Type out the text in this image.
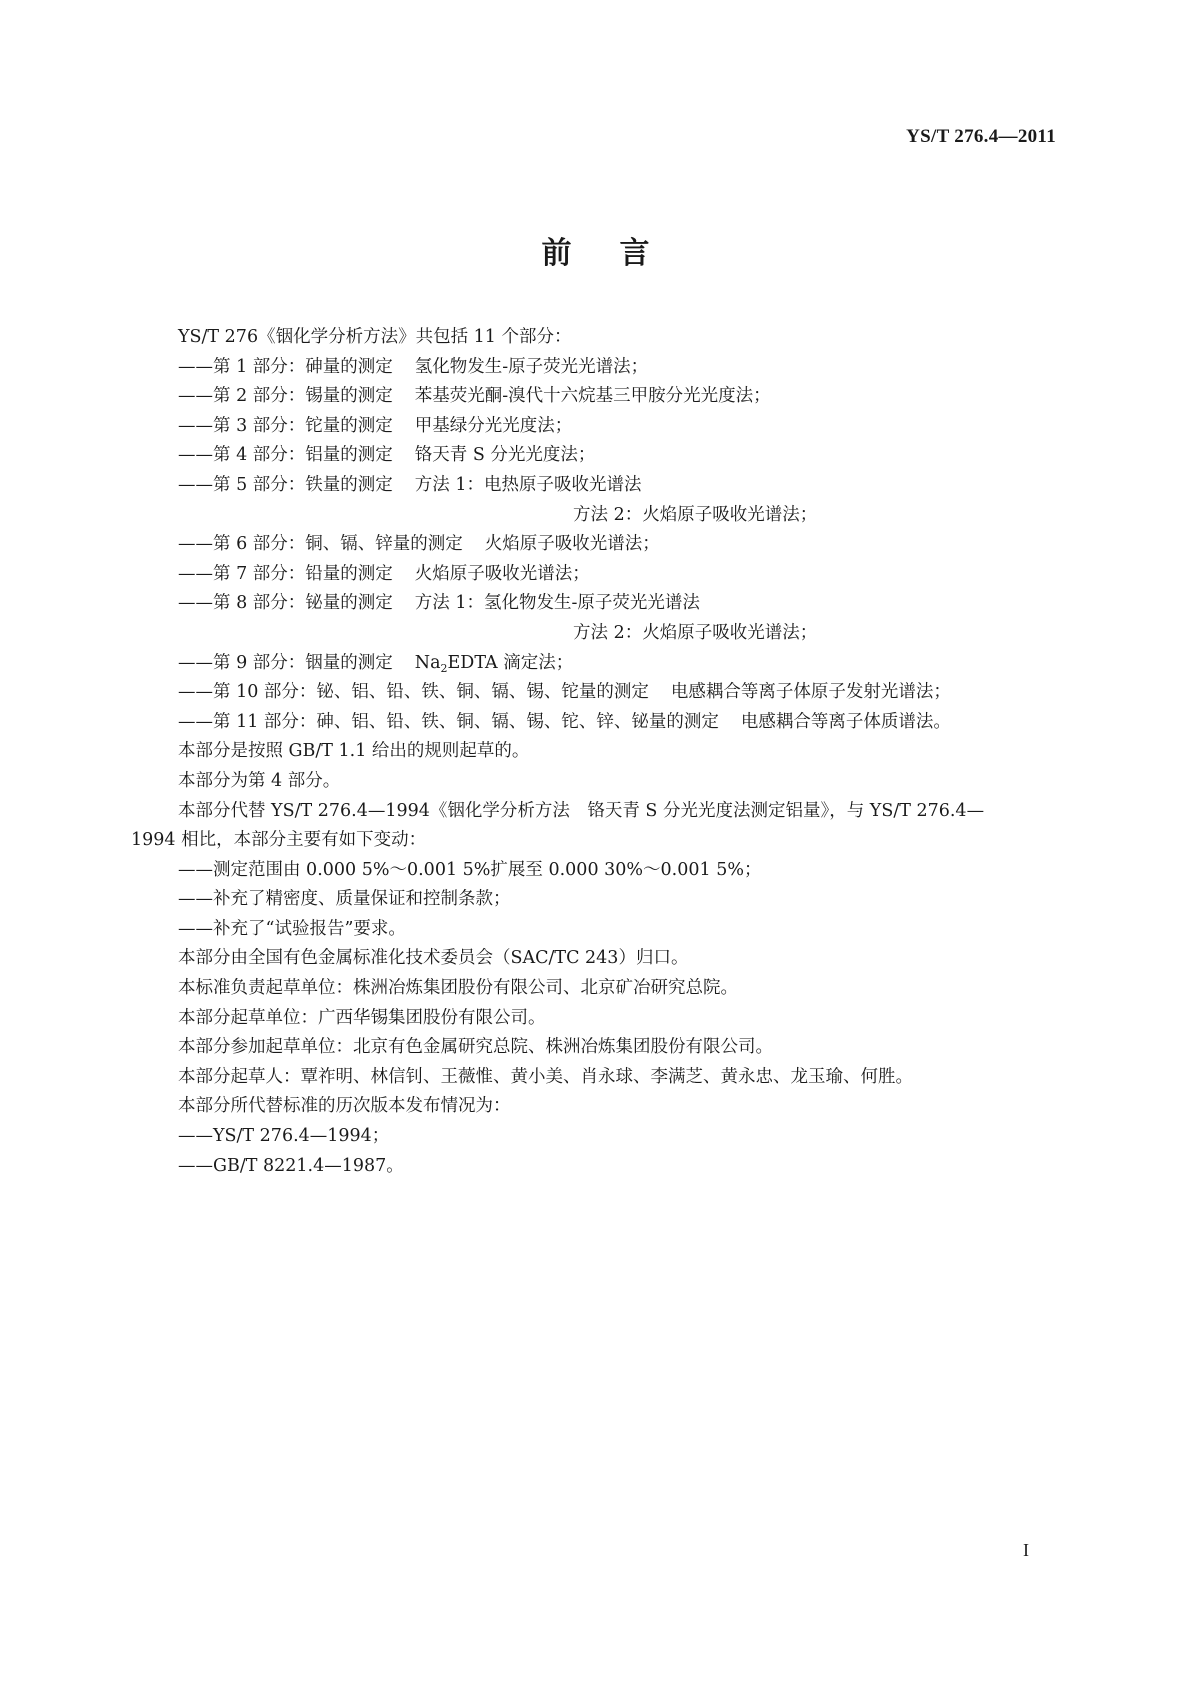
YS/T 276.4—2011
前言
YS/T 276《铟化学分析方法》共包括 11 个部分：
——第 1 部分：砷量的测定 氢化物发生-原子荧光光谱法；
——第 2 部分：锡量的测定 苯基荧光酮-溴代十六烷基三甲胺分光光度法；
——第 3 部分：铊量的测定 甲基绿分光光度法；
——第 4 部分：铝量的测定 铬天青 S 分光光度法；
——第 5 部分：铁量的测定 方法 1：电热原子吸收光谱法
方法 2：火焰原子吸收光谱法；
——第 6 部分：铜、镉、锌量的测定 火焰原子吸收光谱法；
——第 7 部分：铅量的测定 火焰原子吸收光谱法；
——第 8 部分：铋量的测定 方法 1：氢化物发生-原子荧光光谱法
方法 2：火焰原子吸收光谱法；
——第 9 部分：铟量的测定 $Na_2EDTA$ 滴定法；
——第 10 部分：铋、铝、铅、铁、铜、镉、锡、铊量的测定 电感耦合等离子体原子发射光谱法；
——第 11 部分：砷、铝、铅、铁、铜、镉、锡、铊、锌、铋量的测定 电感耦合等离子体质谱法。
本部分是按照 GB/T 1.1 给出的规则起草的。
本部分为第 4 部分。
本部分代替 YS/T 276.4—1994《铟化学分析方法　铬天青 S 分光光度法测定铝量》，与 YS/T 276.4—
1994 相比，本部分主要有如下变动：
——测定范围由 0.000 5%～0.001 5%扩展至 0.000 30%～0.001 5%；
——补充了精密度、质量保证和控制条款；
——补充了“试验报告”要求。
本部分由全国有色金属标准化技术委员会（SAC/TC 243）归口。
本标准负责起草单位：株洲冶炼集团股份有限公司、北京矿冶研究总院。
本部分起草单位：广西华锡集团股份有限公司。
本部分参加起草单位：北京有色金属研究总院、株洲冶炼集团股份有限公司。
本部分起草人：覃祚明、林信钊、王薇惟、黄小美、肖永球、李满芝、黄永忠、龙玉瑜、何胜。
本部分所代替标准的历次版本发布情况为：
——YS/T 276.4—1994；
——GB/T 8221.4—1987。
I
